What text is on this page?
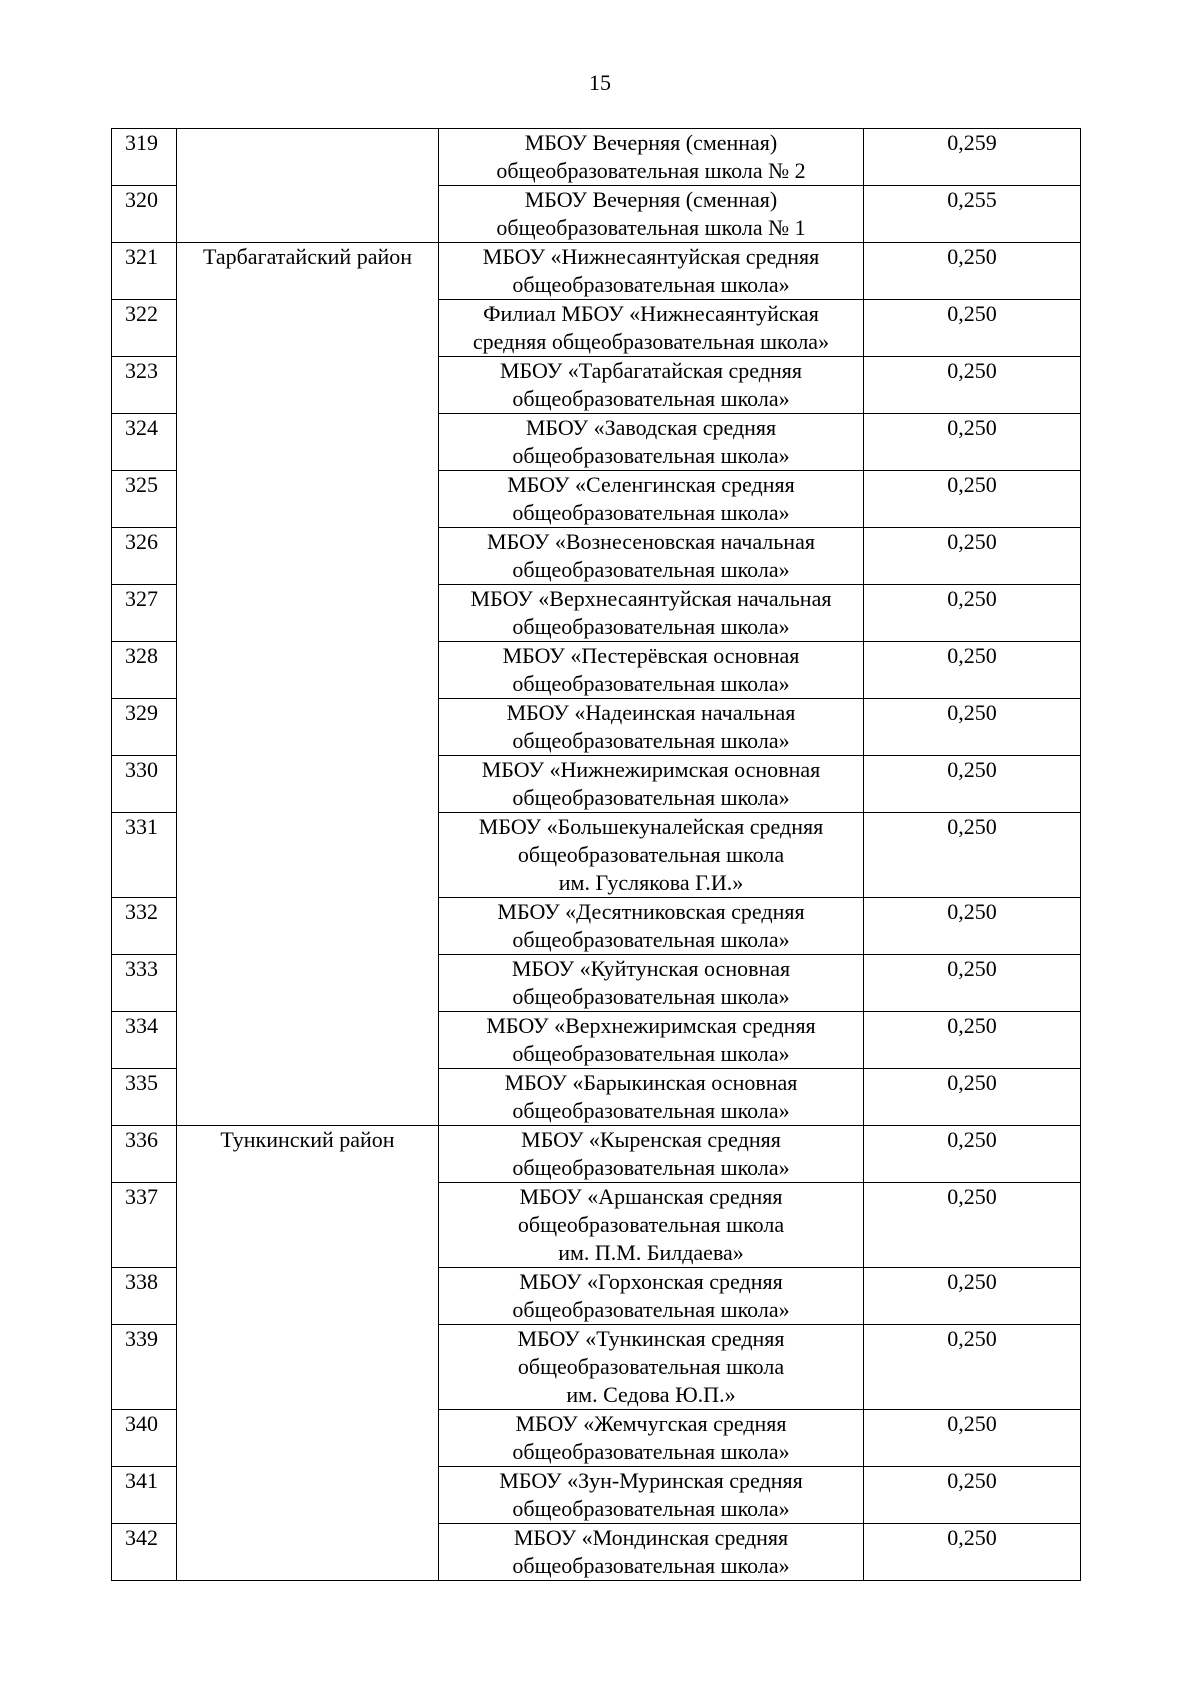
15
319		МБОУ Вечерняя (сменная)
общеобразовательная школа № 2	0,259
320		МБОУ Вечерняя (сменная)
общеобразовательная школа № 1	0,255
321	Тарбагатайский район	МБОУ «Нижнесаянтуйская средняя
общеобразовательная школа»	0,250
322		Филиал МБОУ «Нижнесаянтуйская
средняя общеобразовательная школа»	0,250
323		МБОУ «Тарбагатайская средняя
общеобразовательная школа»	0,250
324		МБОУ «Заводская средняя
общеобразовательная школа»	0,250
325		МБОУ «Селенгинская средняя
общеобразовательная школа»	0,250
326		МБОУ «Вознесеновская начальная
общеобразовательная школа»	0,250
327		МБОУ «Верхнесаянтуйская начальная
общеобразовательная школа»	0,250
328		МБОУ «Пестерёвская основная
общеобразовательная школа»	0,250
329		МБОУ «Надеинская начальная
общеобразовательная школа»	0,250
330		МБОУ «Нижнежиримская основная
общеобразовательная школа»	0,250
331		МБОУ «Большекуналейская средняя
общеобразовательная школа
им. Гуслякова Г.И.»	0,250
332		МБОУ «Десятниковская средняя
общеобразовательная школа»	0,250
333		МБОУ «Куйтунская основная
общеобразовательная школа»	0,250
334		МБОУ «Верхнежиримская средняя
общеобразовательная школа»	0,250
335		МБОУ «Барыкинская основная
общеобразовательная школа»	0,250
336	Тункинский район	МБОУ «Кыренская средняя
общеобразовательная школа»	0,250
337		МБОУ «Аршанская средняя
общеобразовательная школа
им. П.М. Билдаева»	0,250
338		МБОУ «Горхонская средняя
общеобразовательная школа»	0,250
339		МБОУ «Тункинская средняя
общеобразовательная школа
им. Седова Ю.П.»	0,250
340		МБОУ «Жемчугская средняя
общеобразовательная школа»	0,250
341		МБОУ «Зун-Муринская средняя
общеобразовательная школа»	0,250
342		МБОУ «Мондинская средняя
общеобразовательная школа»	0,250
